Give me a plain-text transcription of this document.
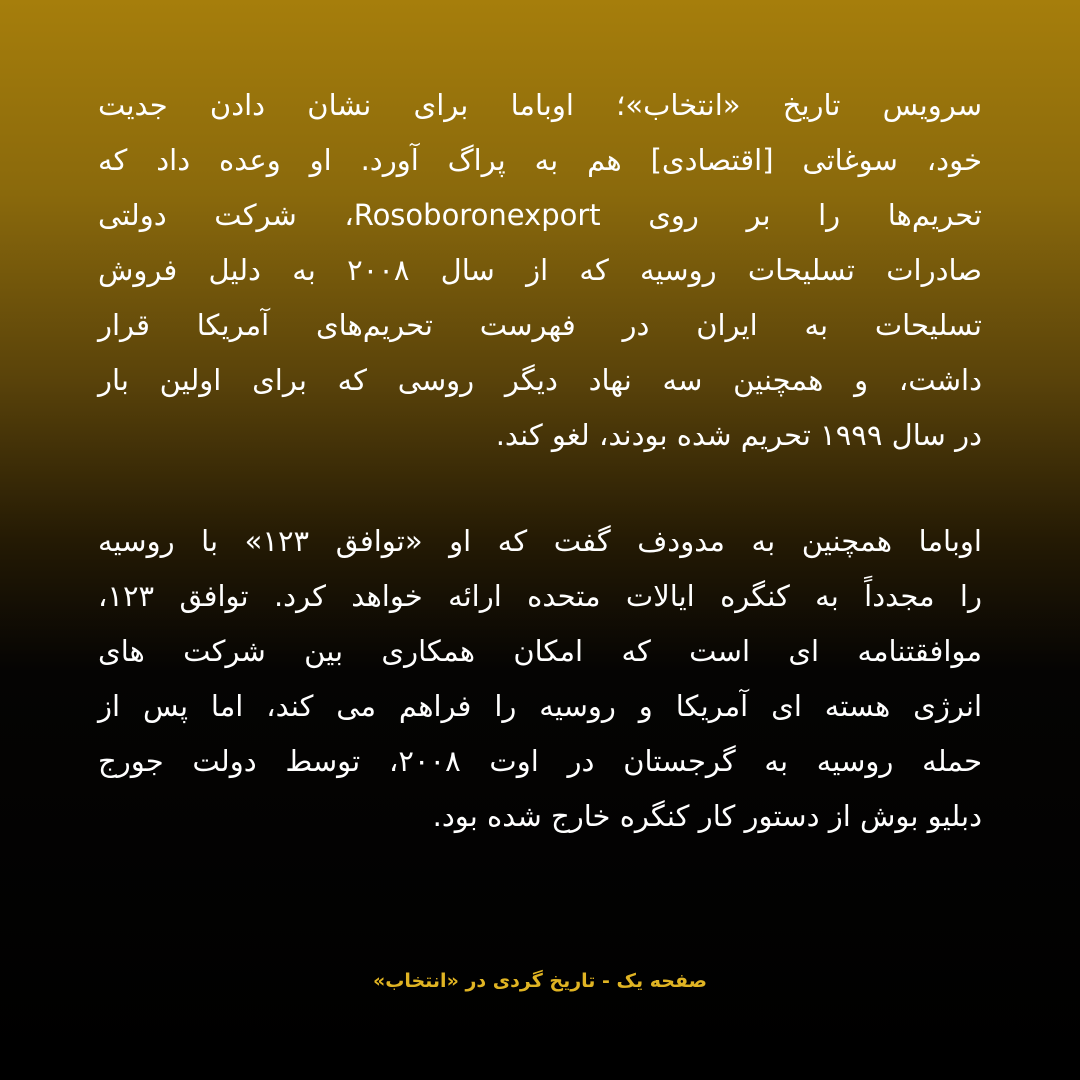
سرویس تاریخ «انتخاب»؛ اوباما برای نشان دادن جدیت
خود، سوغاتی [اقتصادی] هم به پراگ آورد. او وعده داد که
تحریم‌ها را بر روی Rosoboronexport، شرکت دولتی
صادرات تسلیحات روسیه که از سال ۲۰۰۸ به دلیل فروش
تسلیحات به ایران در فهرست تحریم‌های آمریکا قرار
داشت، و همچنین سه نهاد دیگر روسی که برای اولین بار
در سال ۱۹۹۹ تحریم شده بودند، لغو کند.
اوباما همچنین به مدودف گفت که او «توافق ۱۲۳» با روسیه
را مجدداً به کنگره ایالات متحده ارائه خواهد کرد. توافق ۱۲۳،
موافقتنامه ای است که امکان همکاری بین شرکت های
انرژی هسته ای آمریکا و روسیه را فراهم می کند، اما پس از
حمله روسیه به گرجستان در اوت ۲۰۰۸، توسط دولت جورج
دبلیو بوش از دستور کار کنگره خارج شده بود.
صفحه یک - تاریخ گردی در «انتخاب»
